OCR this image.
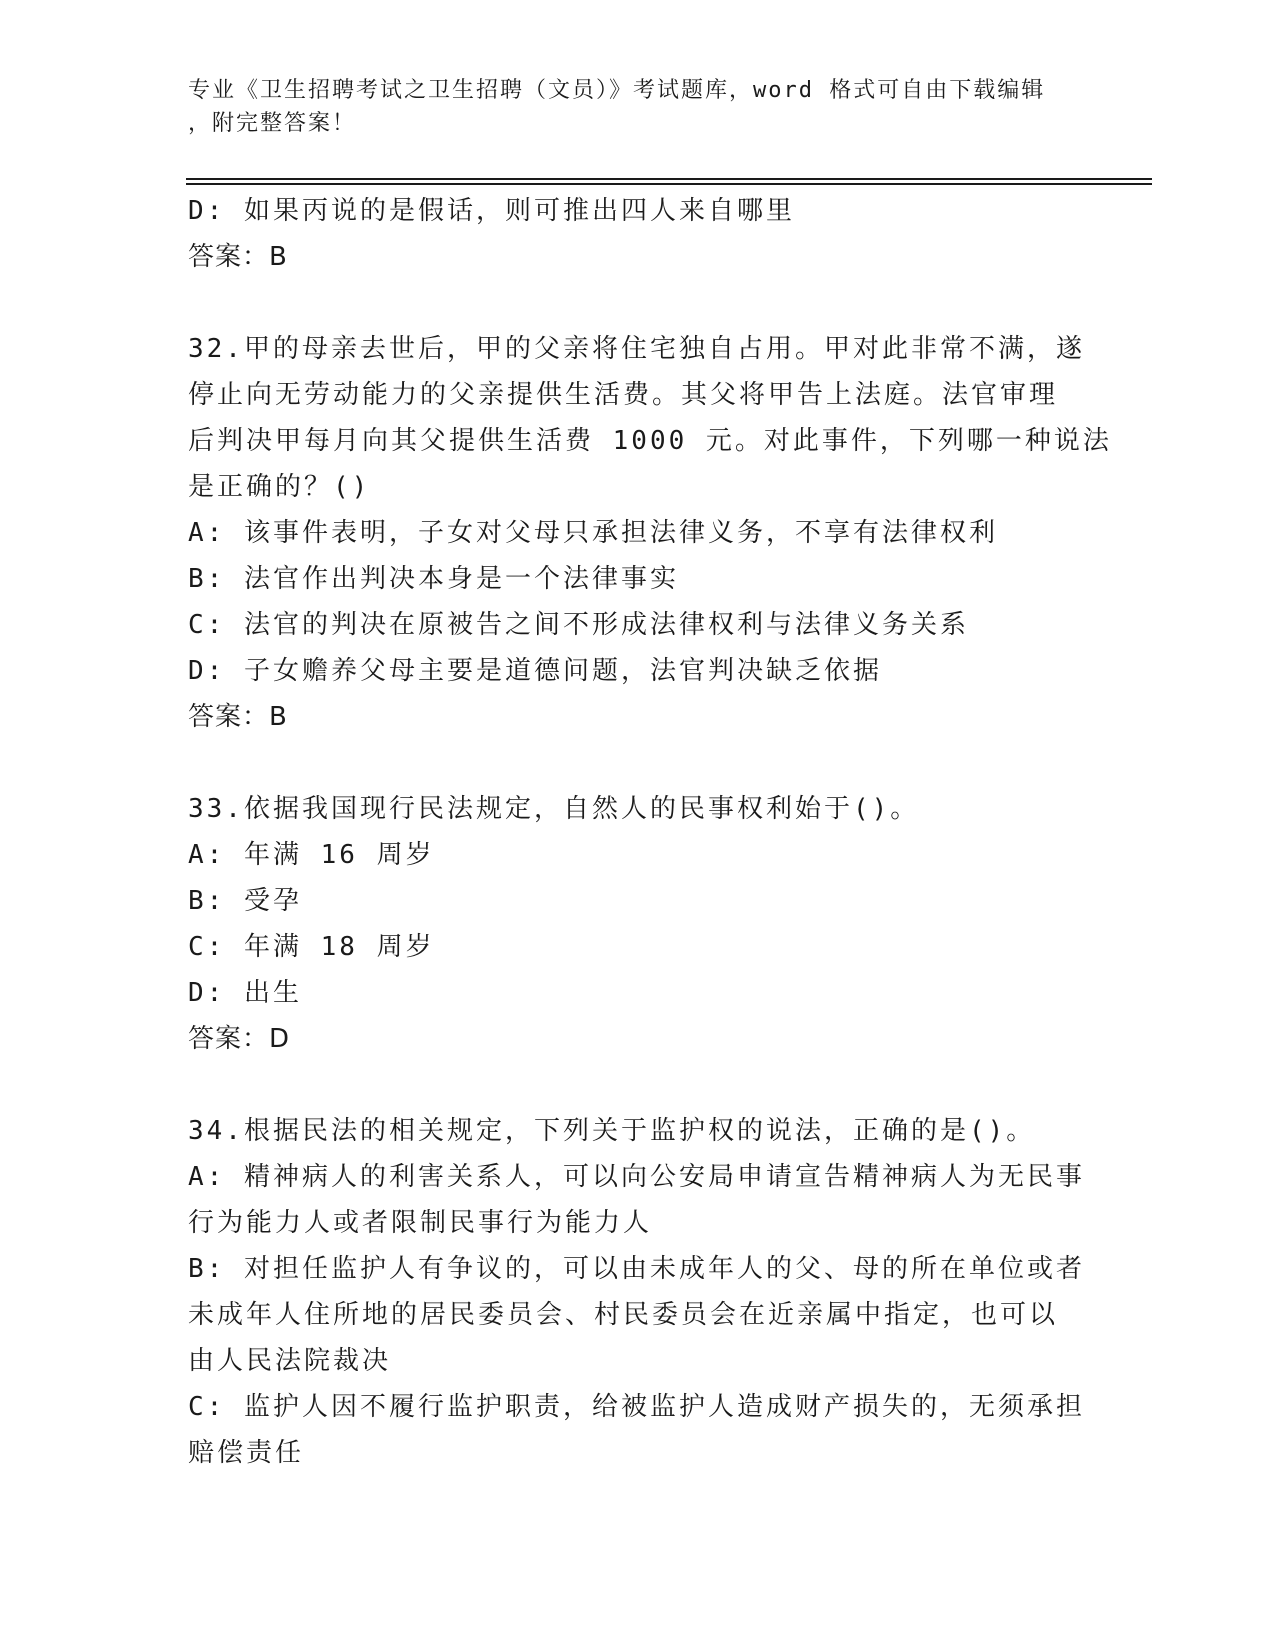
专业《卫生招聘考试之卫生招聘（文员）》考试题库，word 格式可自由下载编辑

，附完整答案！

D: 如果丙说的是假话，则可推出四人来自哪里

答案：B

32.甲的母亲去世后，甲的父亲将住宅独自占用。甲对此非常不满，遂

停止向无劳动能力的父亲提供生活费。其父将甲告上法庭。法官审理

后判决甲每月向其父提供生活费 1000 元。对此事件，下列哪一种说法

是正确的？()

A: 该事件表明，子女对父母只承担法律义务，不享有法律权利

B: 法官作出判决本身是一个法律事实

C: 法官的判决在原被告之间不形成法律权利与法律义务关系

D: 子女赡养父母主要是道德问题，法官判决缺乏依据

答案：B

33.依据我国现行民法规定，自然人的民事权利始于()。

A: 年满 16 周岁

B: 受孕

C: 年满 18 周岁

D: 出生

答案：D

34.根据民法的相关规定，下列关于监护权的说法，正确的是()。

A: 精神病人的利害关系人，可以向公安局申请宣告精神病人为无民事

行为能力人或者限制民事行为能力人

B: 对担任监护人有争议的，可以由未成年人的父、母的所在单位或者

未成年人住所地的居民委员会、村民委员会在近亲属中指定，也可以

由人民法院裁决

C: 监护人因不履行监护职责，给被监护人造成财产损失的，无须承担

赔偿责任
